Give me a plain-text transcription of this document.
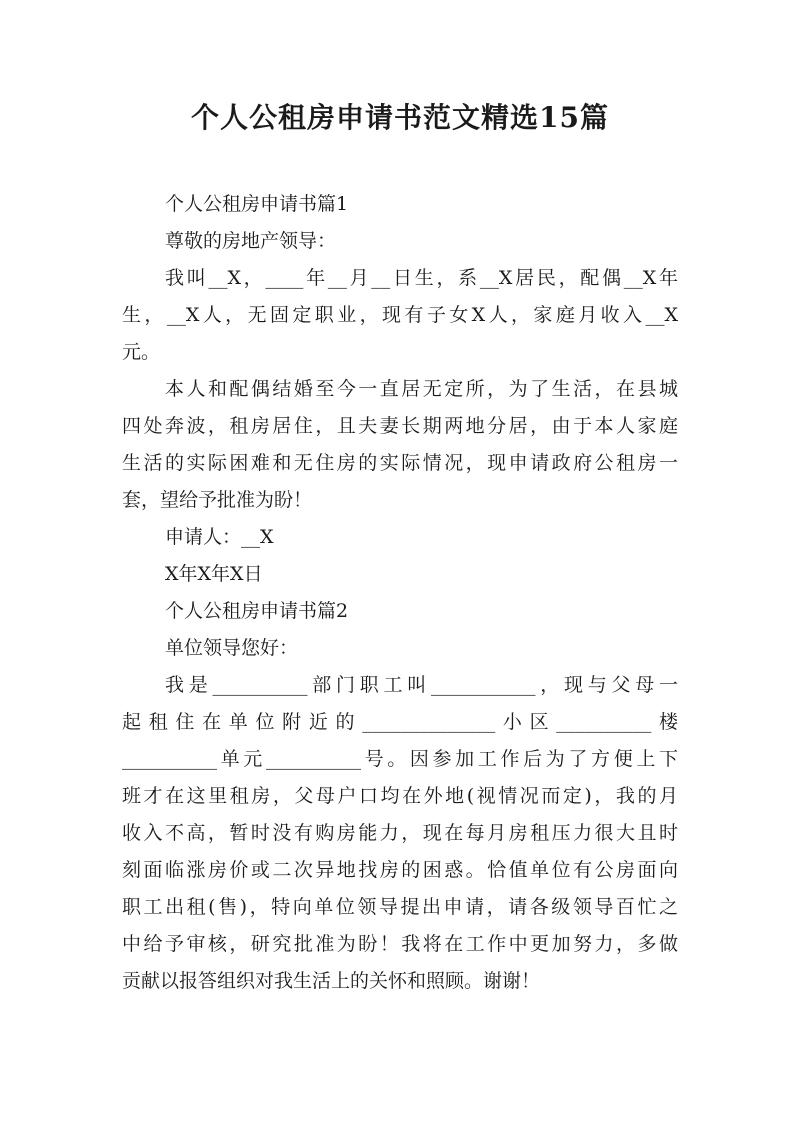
个人公租房申请书范文精选15篇
个人公租房申请书篇1
尊敬的房地产领导：
我叫__X，____年__月__日生，系__X居民，配偶__X年
生，__X人，无固定职业，现有子女X人，家庭月收入__X
元。
本人和配偶结婚至今一直居无定所，为了生活，在县城
四处奔波，租房居住，且夫妻长期两地分居，由于本人家庭
生活的实际困难和无住房的实际情况，现申请政府公租房一
套，望给予批准为盼！
申请人：__X
X年X年X日
个人公租房申请书篇2
单位领导您好：
我是__________部门职工叫___________，现与父母一
起租住在单位附近的______________小区__________楼
__________单元__________号。因参加工作后为了方便上下
班才在这里租房，父母户口均在外地(视情况而定)，我的月
收入不高，暂时没有购房能力，现在每月房租压力很大且时
刻面临涨房价或二次异地找房的困惑。恰值单位有公房面向
职工出租(售)，特向单位领导提出申请，请各级领导百忙之
中给予审核，研究批准为盼！我将在工作中更加努力，多做
贡献以报答组织对我生活上的关怀和照顾。谢谢！
